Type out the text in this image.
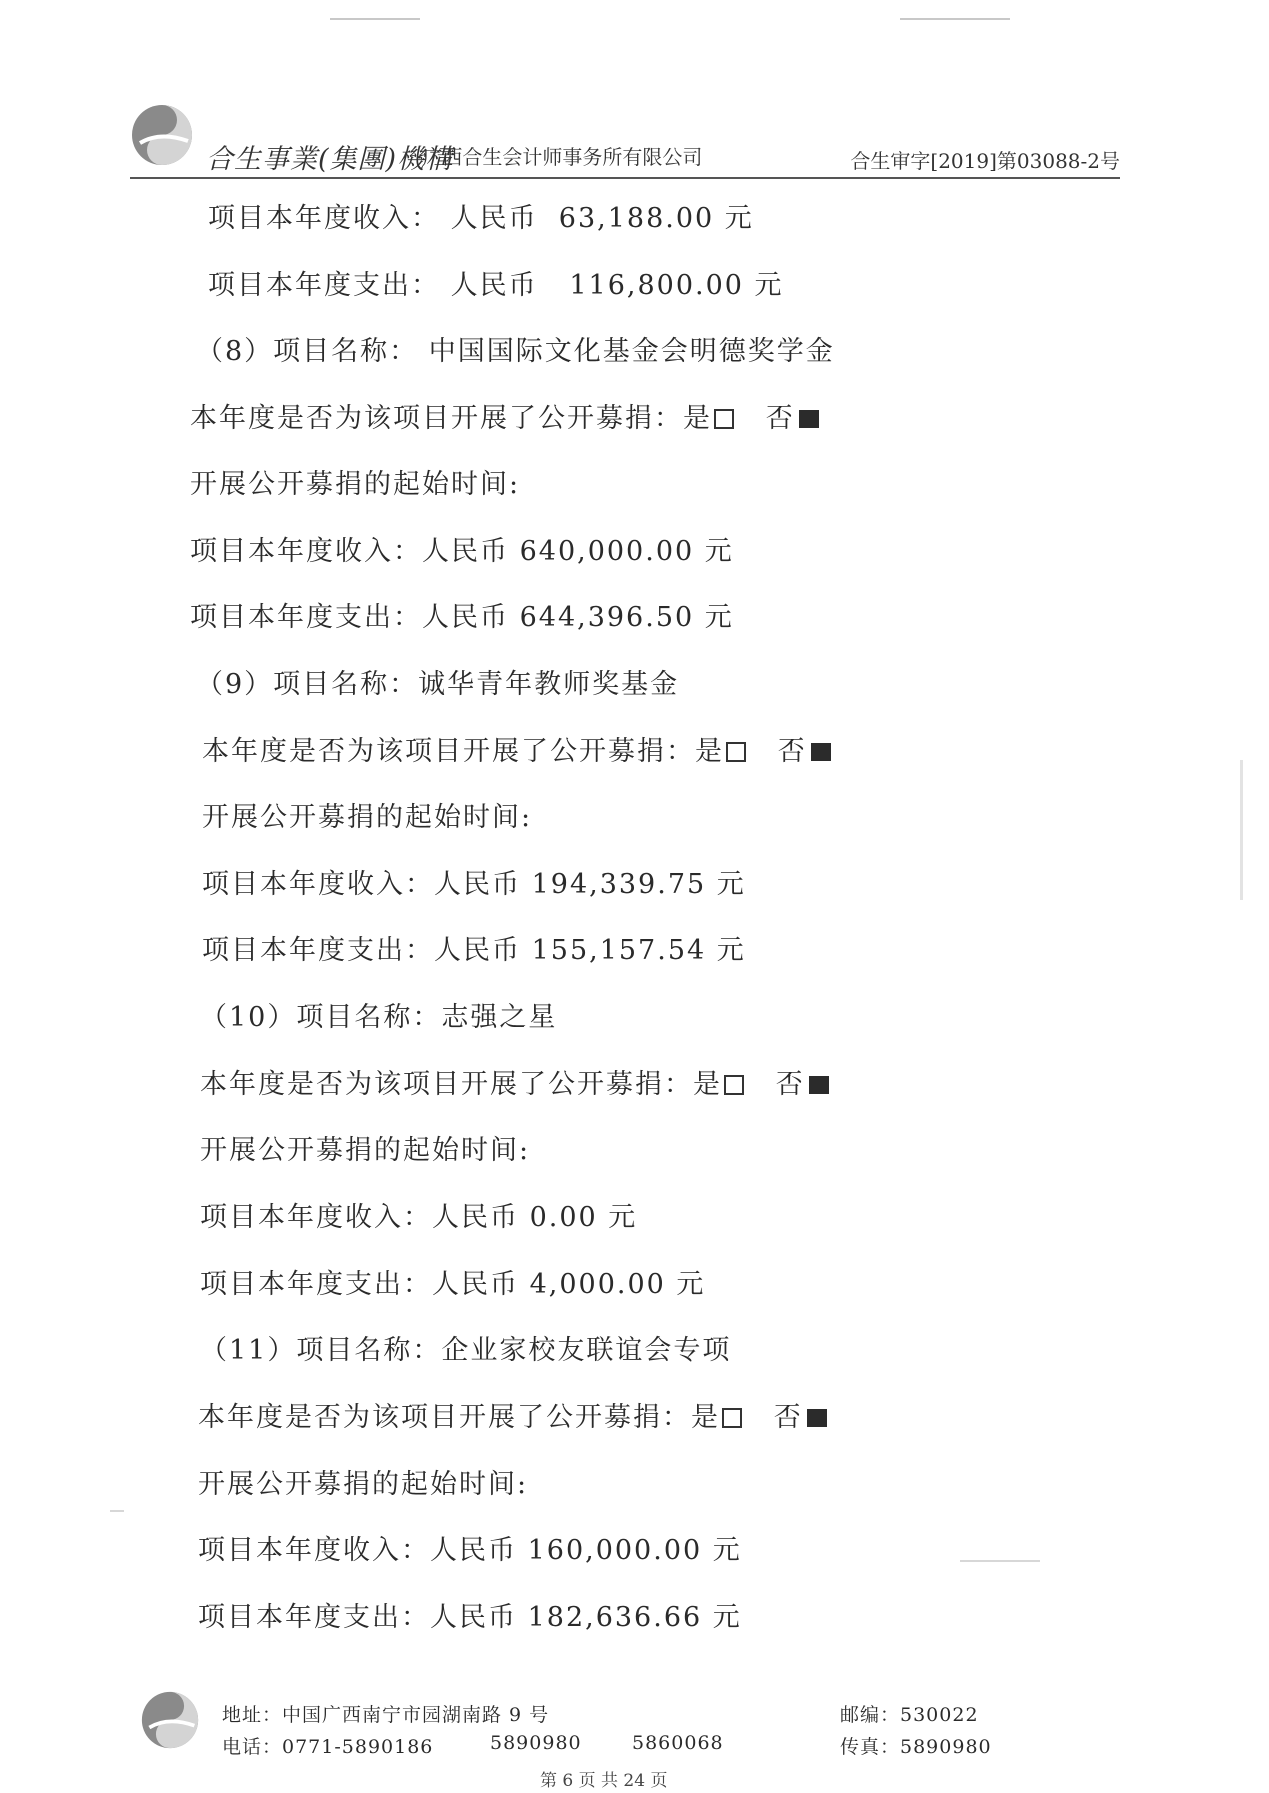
合生事業(集團)機構
·广西合生会计师事务所有限公司	合生审字[2019]第03088-2号
项目本年度收入： 人民币 63,188.00 元
项目本年度支出： 人民币 116,800.00 元
（8）项目名称： 中国国际文化基金会明德奖学金
本年度是否为该项目开展了公开募捐：是 否
开展公开募捐的起始时间:
项目本年度收入：人民币 640,000.00 元
项目本年度支出：人民币 644,396.50 元
（9）项目名称：诚华青年教师奖基金
本年度是否为该项目开展了公开募捐：是 否
开展公开募捐的起始时间:
项目本年度收入：人民币 194,339.75 元
项目本年度支出：人民币 155,157.54 元
（10）项目名称：志强之星
本年度是否为该项目开展了公开募捐：是 否
开展公开募捐的起始时间:
项目本年度收入：人民币 0.00 元
项目本年度支出：人民币 4,000.00 元
（11）项目名称：企业家校友联谊会专项
本年度是否为该项目开展了公开募捐：是 否
开展公开募捐的起始时间:
项目本年度收入：人民币 160,000.00 元
项目本年度支出：人民币 182,636.66 元
地址：中国广西南宁市园湖南路 9 号	邮编：530022
电话：0771-5890186	5890980	5860068	传真：5890980
第 6 页 共 24 页
